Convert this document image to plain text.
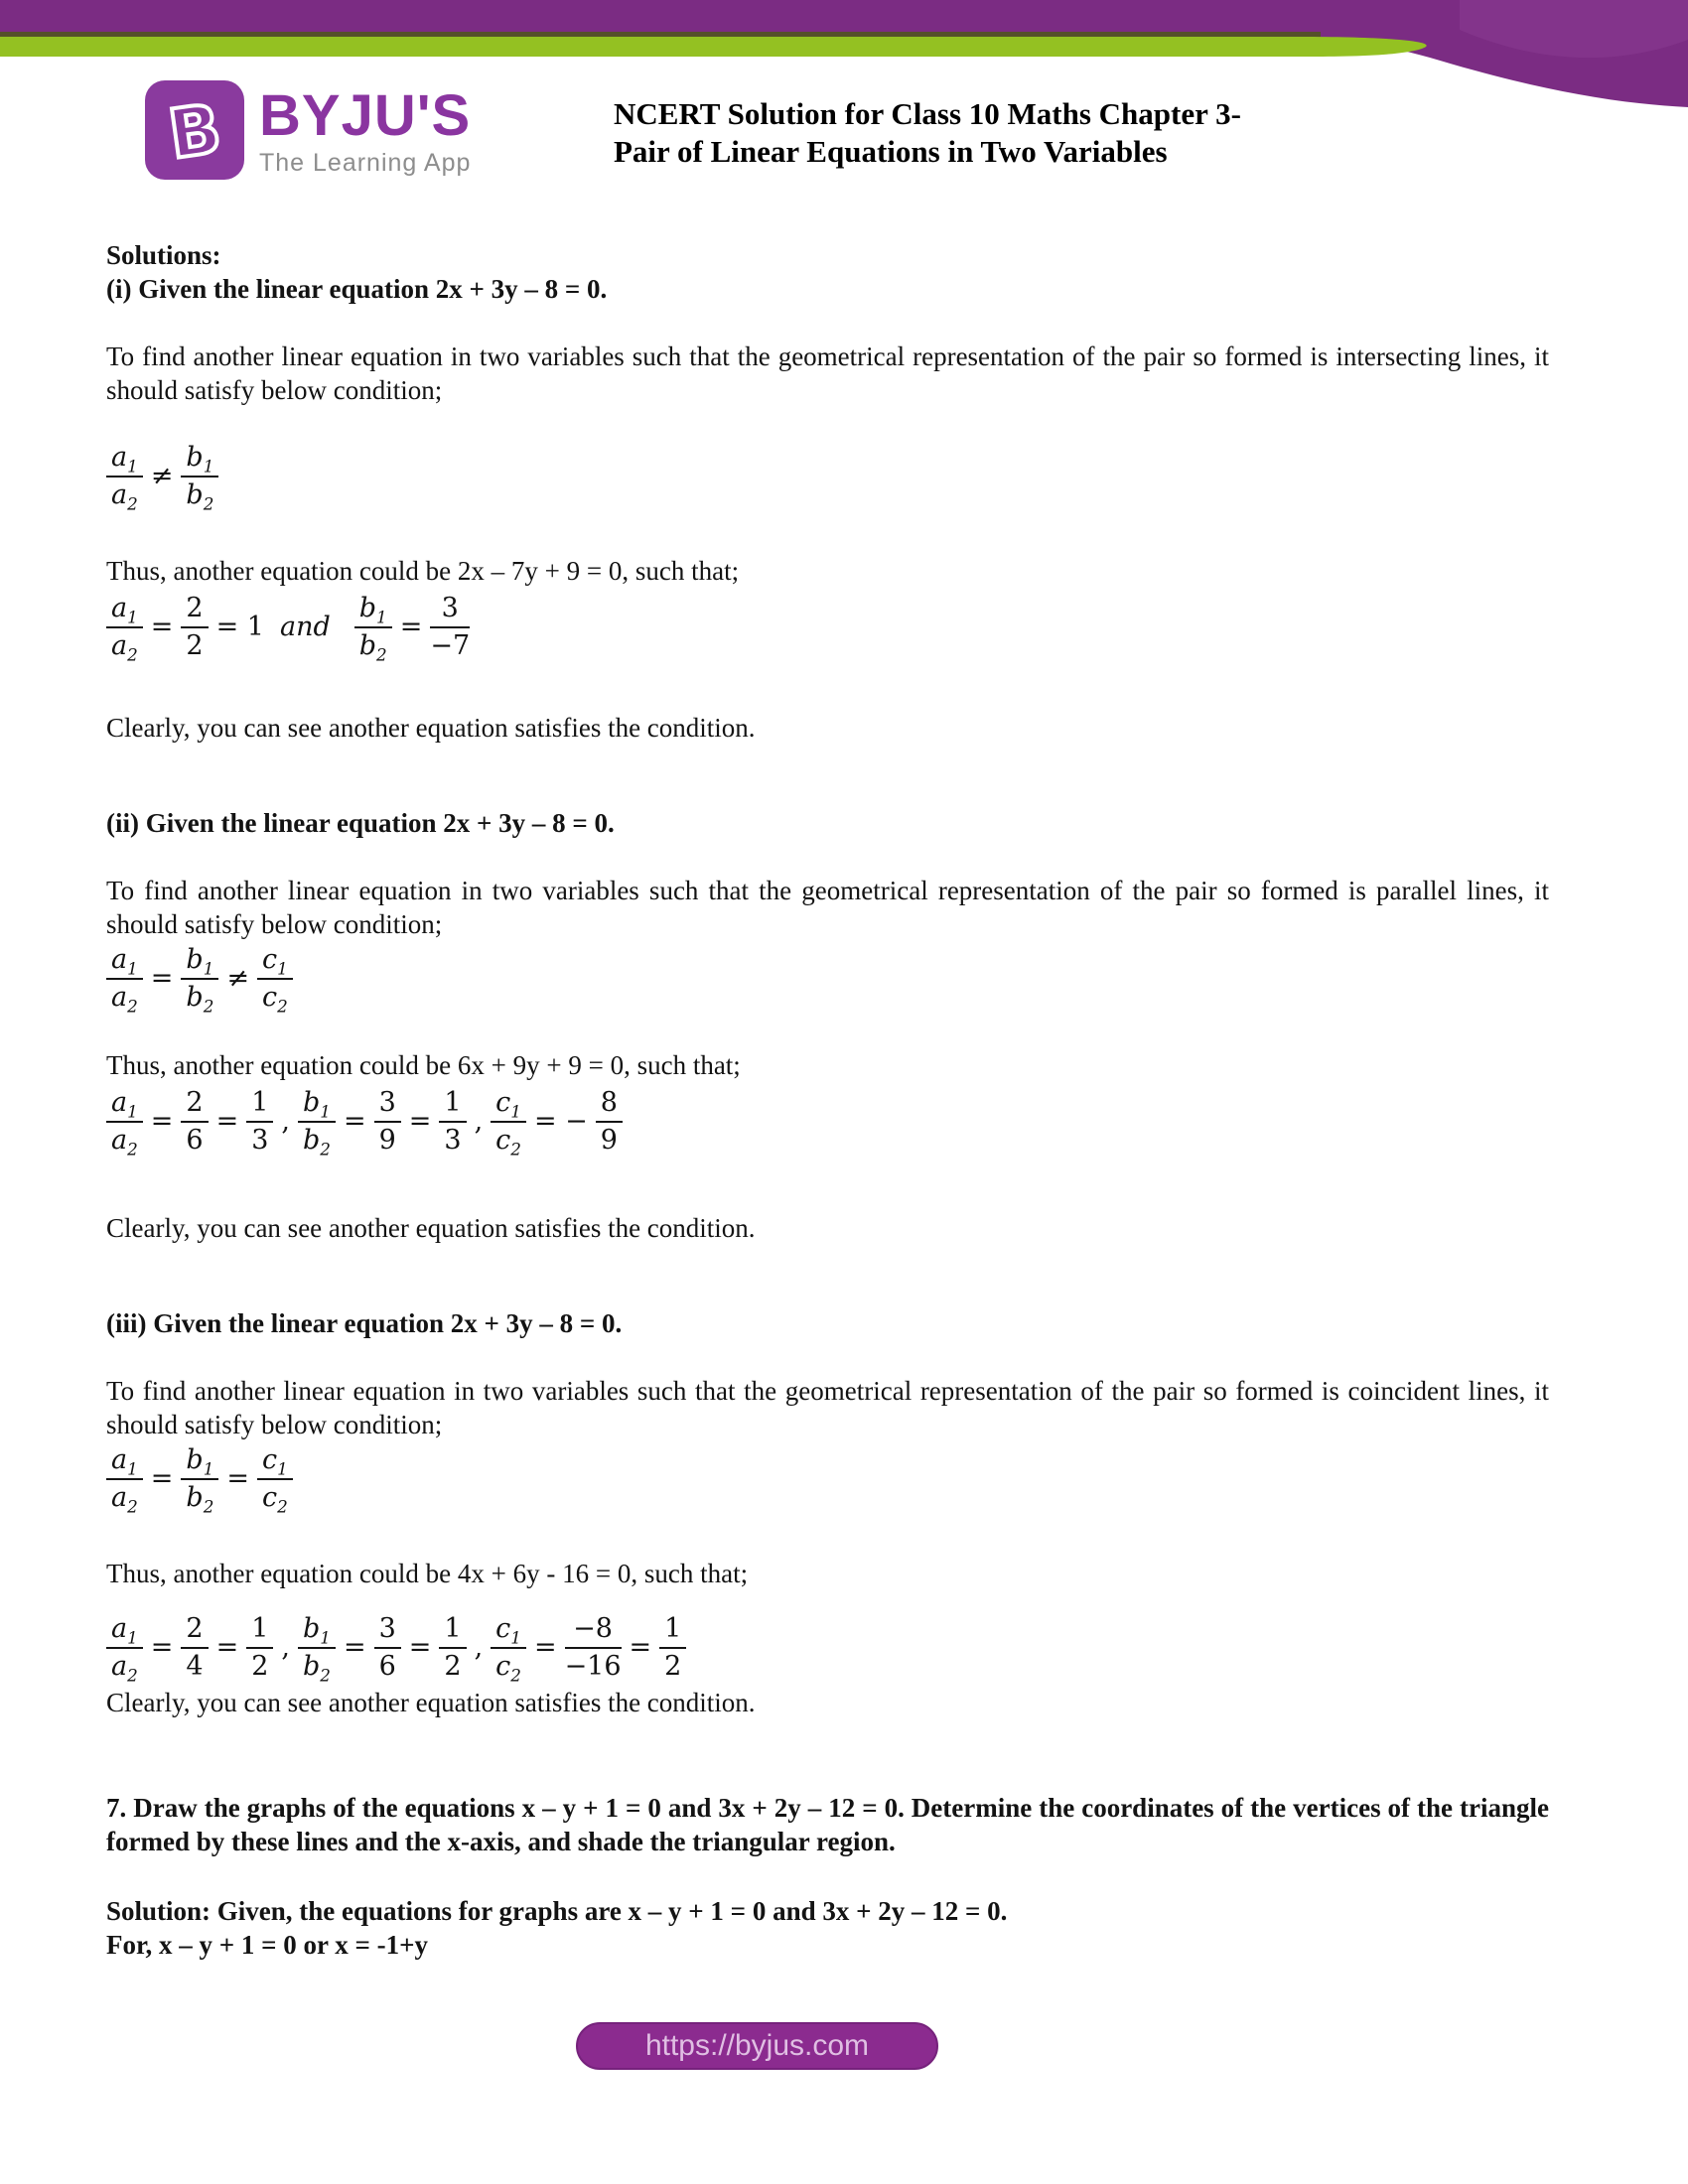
B BYJU'S
The Learning App
NCERT Solution for Class 10 Maths Chapter 3-
Pair of Linear Equations in Two Variables

Solutions:

(i) Given the linear equation 2x + 3y – 8 = 0.

To find another linear equation in two variables such that the geometrical representation of the pair so formed is intersecting lines, it should satisfy below condition;

$\frac{a_1}{a_2} \ne \frac{b_1}{b_2}$

Thus, another equation could be 2x – 7y + 9 = 0, such that;

$\frac{a_1}{a_2} = \frac{2}{2} = 1$ and $\frac{b_1}{b_2} = \frac{3}{-7}$

Clearly, you can see another equation satisfies the condition.

(ii) Given the linear equation 2x + 3y – 8 = 0.

To find another linear equation in two variables such that the geometrical representation of the pair so formed is parallel lines, it should satisfy below condition;

$\frac{a_1}{a_2} = \frac{b_1}{b_2} \ne \frac{c_1}{c_2}$

Thus, another equation could be 6x + 9y + 9 = 0, such that;

$\frac{a_1}{a_2} = \frac{2}{6} = \frac{1}{3}$ , $\frac{b_1}{b_2} = \frac{3}{9} = \frac{1}{3}$ , $\frac{c_1}{c_2}$ = − $\frac{8}{9}$

Clearly, you can see another equation satisfies the condition.

(iii) Given the linear equation 2x + 3y – 8 = 0.

To find another linear equation in two variables such that the geometrical representation of the pair so formed is coincident lines, it should satisfy below condition;

$\frac{a_1}{a_2} = \frac{b_1}{b_2} = \frac{c_1}{c_2}$

Thus, another equation could be 4x + 6y - 16 = 0, such that;

$\frac{a_1}{a_2} = \frac{2}{4} = \frac{1}{2}$ , $\frac{b_1}{b_2} = \frac{3}{6} = \frac{1}{2}$ , $\frac{c_1}{c_2} = \frac{-8}{-16} = \frac{1}{2}$

Clearly, you can see another equation satisfies the condition.

7. Draw the graphs of the equations x – y + 1 = 0 and 3x + 2y – 12 = 0. Determine the coordinates of the vertices of the triangle formed by these lines and the x-axis, and shade the triangular region.

Solution: Given, the equations for graphs are x – y + 1 = 0 and 3x + 2y – 12 = 0.

For, x – y + 1 = 0 or x = -1+y

https://byjus.com
